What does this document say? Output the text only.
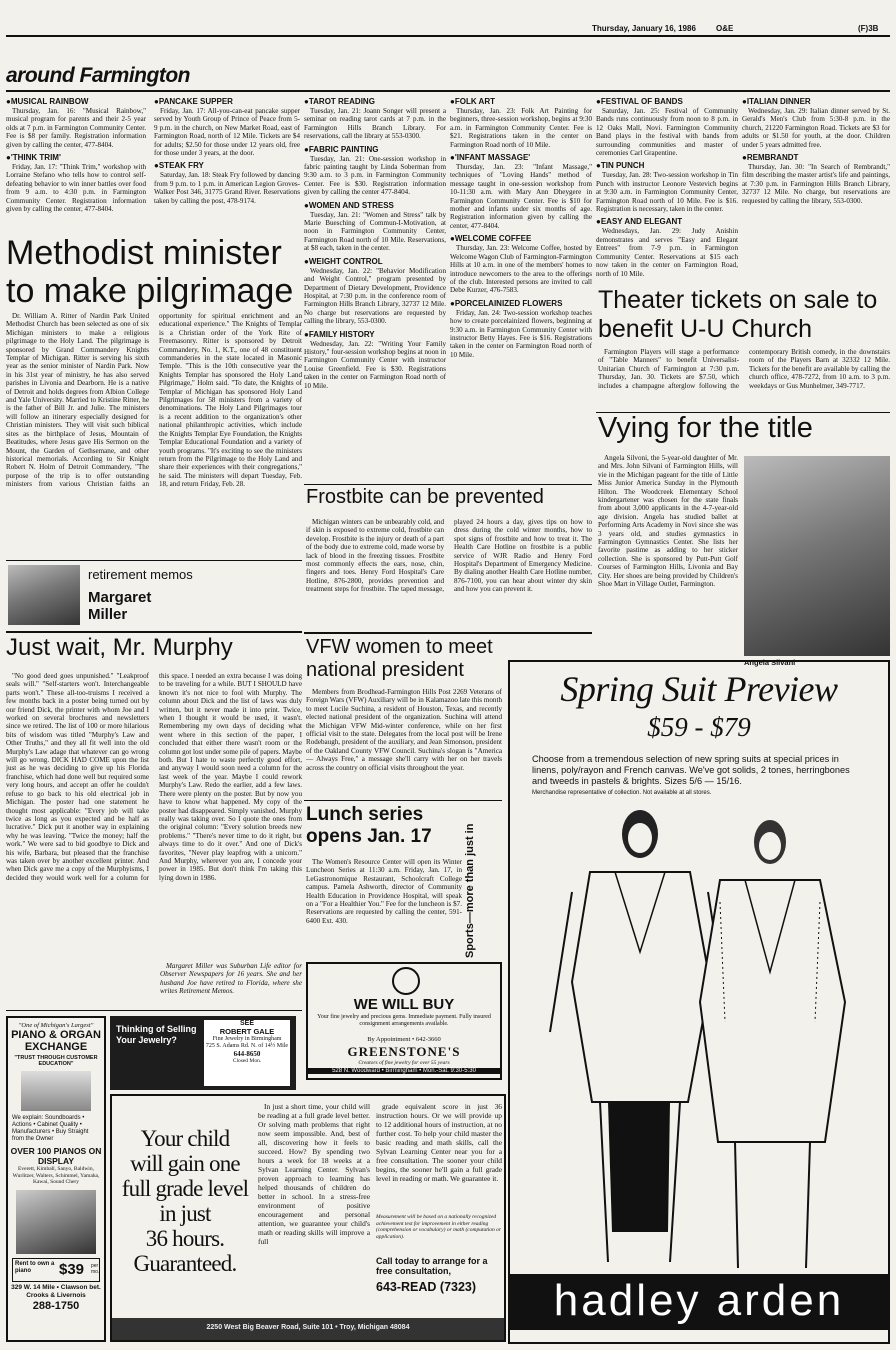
Thursday, January 16, 1986	O&E	(F)3B
around Farmington
● MUSICAL RAINBOW

Thursday, Jan. 16: "Musical Rainbow," musical program for parents and their 2-5 year olds at 7 p.m. in Farmington Community Center. Fee is $8 per family. Registration information given by calling the center, 477-8404.

● 'THINK TRIM'

Friday, Jan. 17: "Think Trim," workshop with Lorraine Stefano who tells how to control self-defeating behavior to win inner battles over food from 9 a.m. to 4:30 p.m. in Farmington Community Center. Registration information given by calling the center, 477-8404.

● PANCAKE SUPPER

Friday, Jan. 17: All-you-can-eat pancake supper served by Youth Group of Prince of Peace from 5-9 p.m. in the church, on New Market Road, east of Farmington Road, north of 12 Mile. Tickets are $4 for adults; $2.50 for those under 12 years old, free for those under 3 years, at the door.

● STEAK FRY

Saturday, Jan. 18: Steak Fry followed by dancing from 9 p.m. to 1 p.m. in American Legion Groves-Walker Post 346, 31775 Grand River. Reservations taken by calling the post, 478-9174.

● TAROT READING

Tuesday, Jan. 21: Joann Songer will present a seminar on reading tarot cards at 7 p.m. in the Farmington Hills Branch Library. For reservations, call the library at 553-0300.

● FABRIC PAINTING

Tuesday, Jan. 21: One-session workshop in fabric painting taught by Linda Soberman from 9:30 a.m. to 3 p.m. in Farmington Community Center. Fee is $30. Registration information given by calling the center 477-8404.

● WOMEN AND STRESS

Tuesday, Jan. 21: "Women and Stress" talk by Marie Buesching of Commun-I-Motivation, at noon in Farmington Community Center, Farmington Road north of 10 Mile. Reservations, at $8 each, taken in the center.

● WEIGHT CONTROL

Wednesday, Jan. 22: "Behavior Modification and Weight Control," program presented by Department of Dietary Development, Providence Hospital, at 7:30 p.m. in the conference room of Farmington Hills Branch Library, 32737 12 Mile. No charge but reservations are requested by calling the library, 553-0300.

● FAMILY HISTORY

Wednesday, Jan. 22: "Writing Your Family History," four-session workshop begins at noon in Farmington Community Center with instructor Louise Greenfield. Fee is $30. Registrations taken in the center on Farmington Road north of 10 Mile.

● FOLK ART

Thursday, Jan. 23: Folk Art Painting for beginners, three-session workshop, begins at 9:30 a.m. in Farmington Community Center. Fee is $21. Registrations taken in the center on Farmington Road north of 10 Mile.

● 'INFANT MASSAGE'

Thursday, Jan. 23: "Infant Massage," techniques of "Loving Hands" method of message taught in one-session workshop from 10-11:30 a.m. with Mary Ann Dheygere in Farmington Community Center. Fee is $10 for mother and infants under six months of age. Registration information given by calling the center, 477-8404.

● WELCOME COFFEE

Thursday, Jan. 23: Welcome Coffee, hosted by Welcome Wagon Club of Farmington-Farmington Hills at 10 a.m. in one of the members' homes to introduce newcomers to the area to the offerings of the club. Interested persons are invited to call Debe Kurzer, 476-7583.

● PORCELAINIZED FLOWERS

Friday, Jan. 24: Two-session workshop teaches how to create porcelainized flowers, beginning at 9:30 a.m. in Farmington Community Center with instructor Betty Hayes. Fee is $16. Registrations taken in the center on Farmington Road north of 10 Mile.

● FESTIVAL OF BANDS

Saturday, Jan. 25: Festival of Community Bands runs continuously from noon to 8 p.m. in 12 Oaks Mall, Novi. Farmington Community Band plays in the festival with bands from surrounding communities and master of ceremonies Carl Grapentine.

● TIN PUNCH

Tuesday, Jan. 28: Two-session workshop in Tin Punch with instructor Leonore Vestevich begins at 9:30 a.m. in Farmington Community Center, Farmington Road north of 10 Mile. Fee is $16. Registration is necessary, taken in the center.

● EASY AND ELEGANT

Wednesdays, Jan. 29: Judy Anishin demonstrates and serves "Easy and Elegant Entrees" from 7-9 p.m. in Farmington Community Center. Reservations at $15 each now taken in the center on Farmington Road, north of 10 Mile.

● ITALIAN DINNER

Wednesday, Jan. 29: Italian dinner served by St. Gerald's Men's Club from 5:30-8 p.m. in the church, 21220 Farmington Road. Tickets are $3 for adults or $1.50 for youth, at the door. Children under 5 years admitted free.

● REMBRANDT

Thursday, Jan. 30: "In Search of Rembrandt," film describing the master artist's life and paintings, at 7:30 p.m. in Farmington Hills Branch Library, 32737 12 Mile. No charge, but reservations are requested by calling the library, 553-0300.

Methodist minister to make pilgrimage
Dr. William A. Ritter of Nardin Park United Methodist Church has been selected as one of six Michigan ministers to make a religious pilgrimage to the Holy Land. The pilgrimage is sponsored by Grand Commandery Knights Templar of Michigan. Ritter is serving his sixth year as the senior minister of Nardin Park. Now in his 31st year of ministry, he has also served parishes in Livonia and Dearborn. He is a native of Detroit and holds degrees from Albion College and Yale University. Married to Kristine Ritter, he is the father of Bill Jr. and Julie. The ministers will follow an itinerary especially designed for Christian ministers. They will visit such biblical sites as the birthplace of Jesus, Mountain of Beatitudes, where Jesus gave His Sermon on the Mount, the Garden of Gethsemane, and other historical memorials. According to Sir Knight Robert N. Holm of Detroit Commandery, "The purpose of the trip is to offer outstanding ministers from various Christian faiths an opportunity for spiritual enrichment and an educational experience." The Knights of Templar is a Christian order of the York Rite of Freemasonry. Ritter is sponsored by Detroit Commandery, No. 1, K.T., one of 48 constituent commanderies in the state located in Masonic Temple. "This is the 10th consecutive year the Knights Templar has sponsored the Holy Land Pilgrimage," Holm said. "To date, the Knights of Templar of Michigan has sponsored Holy Land Pilgrimages for 58 ministers from a variety of denominations. The Holy Land Pilgrimages tour is a recent addition to the organization's other national philanthropic activities, which include the Knights Templar Eye Foundation, the Knights Templar Educational Foundation and a variety of youth programs. "It's exciting to see the ministers return from the Pilgrimage to the Holy Land and share their experiences with their congregations," he said. The ministers will depart Tuesday, Feb. 18, and return Friday, Feb. 28.
retirement memos
Margaret
Miller
Just wait, Mr. Murphy
"No good deed goes unpunished." "Leakproof seals will." "Self-starters won't. Interchangeable parts won't." These all-too-truisms I received a few months back in a poster being turned out by our friend Dick, the printer with whom Joe and I worked on several brochures and newsletters since we retired. The list of 100 or more hilarious bits of wisdom was titled "Murphy's Law and Other Truths," and they all fit well into the old Murphy's Law adage that whatever can go wrong will go wrong. DICK HAD COME upon the list just as he was deciding to give up his Florida franchise, which had done well but required some very long hours, and accept an offer he couldn't refuse to go back to his old electrical job in Michigan. The poster had one statement he thought most applicable: "Every job will take twice as long as you expected and be half as lucrative." Dick put it another way in explaining why he was leaving. "Twice the money; half the work." We were sad to bid goodbye to Dick and his wife, Barbara, but pleased that the franchise was taken over by another excellent printer. And when Dick gave me a copy of the Murphyisms, I decided they would work well for a column for this space. I needed an extra because I was doing to be traveling for a while. BUT I SHOULD have known it's not nice to fool with Murphy. The column about Dick and the list of laws was duly written, but it never made it into print. Twice, when I thought it would be used, it wasn't. Remembering my own days of deciding what went where in this section of the paper, I concluded that either there wasn't room or the column got lost under some pile of papers. Maybe both. But I hate to waste perfectly good effort, and anyway I would soon need a column for the last week of the year. Maybe I could rework Murphy's Law. Redo the earlier, add a few laws. There were plenty on the poster. But by now you have to know what happened. My copy of the poster had disappeared. Simply vanished. Murphy really was taking over. So I quote the ones from the original column: "Every solution breeds new problems." "There's never time to do it right, but always time to do it over." And one of Dick's favorites, "Never play leapfrog with a unicorn." And Murphy, wherever you are, I concede your power in 1985. But don't think I'm taking this lying down in 1986.
Margaret Miller was Suburban Life editor for Observer Newspapers for 16 years. She and her husband Joe have retired to Florida, where she writes Retirement Memos.
Frostbite can be prevented
Michigan winters can be unbearably cold, and if skin is exposed to extreme cold, frostbite can develop. Frostbite is the injury or death of a part of the body due to extreme cold, made worse by lack of blood in the freezing tissues. Frostbite most commonly effects the ears, nose, chin, fingers and toes. Henry Ford Hospital's Care Hotline, 876-2800, provides prevention and treatment steps for frostbite. The taped message, played 24 hours a day, gives tips on how to dress during the cold winter months, how to spot signs of frostbite and how to treat it. The Health Care Hotline on frostbite is a public service of WJR Radio and Henry Ford Hospital's Department of Emergency Medicine. By dialing another Health Care Hotline number, 876-7100, you can hear about winter dry skin and how you can prevent it.
Theater tickets on sale to benefit U-U Church
Farmington Players will stage a performance of "Table Manners" to benefit Universalist-Unitarian Church of Farmington at 7:30 p.m. Thursday, Jan. 30. Tickets are $7.50, which includes a champagne afterglow following the contemporary British comedy, in the downstairs room of the Players Barn at 32332 12 Mile. Tickets for the benefit are available by calling the church office, 478-7272, from 10 a.m. to 3 p.m. weekdays or Gus Munhelmer, 349-7717.
Vying for the title
Angela Silvoni, the 5-year-old daughter of Mr. and Mrs. John Silvani of Farmington Hills, will vie in the Michigan pageant for the title of Little Miss Junior America Sunday in the Plymouth Hilton. The Woodcreek Elementary School kindergartener was chosen for the state finals from about 3,000 applicants in the 4-7-year-old age division. Angela has studied ballet at Performing Arts Academy in Novi since she was 3 years old, and studies gymnastics in Farmington Gymnastics Center. She lists her favorite pastime as adding to her sticker collection. She is sponsored by Putt-Putt Golf Courses of Farmington Hills, Livonia and Bay City. Her shoes are being provided by Children's Shoe Mart in Village Outlet, Farmington.
Angela Silvani
VFW women to meet national president
Members from Brodhead-Farmington Hills Post 2269 Veterans of Foreign Wars (VFW) Auxiliary will be in Kalamazoo late this month to meet Lucile Suchina, a resident of Houston, Texas, and recently elected national president of the organization. Suchina will attend the Michigan VFW Mid-winter conference, while on her first official visit to the state. Delegates from the local post will be Irene Rodebaugh, president of the auxiliary, and Jean Simonson, president of the Oakland County VFW Council. Suchina's slogan is "America — Always Free," a message she'll carry with her on her travels across the country on official visits throughout the year.
Lunch series opens Jan. 17
The Women's Resource Center will open its Winter Luncheon Series at 11:30 a.m. Friday, Jan. 17, in LeGastronomique Restaurant, Schoolcraft College campus. Pamela Ashworth, director of Community Health Education in Providence Hospital, will speak on a "For a Healthier You." Fee for the luncheon is $7. Reservations are requested by calling the center, 591-6400 Ext. 430.	Sports—more than just in
WE WILL BUY
Your fine jewelry and precious gems. Immediate payment. Fully insured consignment arrangements available.
By Appointment • 642-3660
GREENSTONE'S
Creators of fine jewelry for over 55 years
528 N. Woodward • Birmingham • Mon.-Sat. 9:30-5:30
Thinking of Selling Your Jewelry?
SEE
ROBERT GALE
Fine Jewelry in Birmingham
725 S. Adams Rd. N. of 14½ Mile
644-8650
Closed Mon.
"One of Michigan's Largest"
PIANO & ORGAN EXCHANGE
"TRUST THROUGH CUSTOMER EDUCATION"
We explain: Soundboards • Actions • Cabinet Quality • Manufacturers • Buy Straight from the Owner
OVER 100 PIANOS ON DISPLAY
Everett, Kimball, Sanyo, Baldwin, Wurlitzer, Walters, Schimmel, Yamaha, Kawai, Sound Chery
Rent to own a piano	$39 per mo.
329 W. 14 Mile • Clawson bet. Crooks & Livernois
288-1750
Your child
will gain one
full grade level
in just
36 hours.
Guaranteed.
In just a short time, your child will be reading at a full grade level better. Or solving math problems that right now seem impossible. And, best of all, discovering how it feels to succeed. How? By spending two hours a week for 18 weeks at a Sylvan Learning Center. Sylvan's proven approach to learning has helped thousands of children do better in school. In a stress-free environment of positive encouragement and personal attention, we guarantee your child's math or reading skills will improve a full
grade equivalent score in just 36 instruction hours. Or we will provide up to 12 additional hours of instruction, at no further cost. To help your child master the basic reading and math skills, call the Sylvan Learning Center near you for a free consultation. The sooner your child begins, the sooner he'll gain a full grade level in reading or math. We guarantee it.
Measurement will be based on a nationally recognized achievement test for improvement in either reading (comprehension or vocabulary) or math (computation or application).
Call today to arrange for a free consultation,
643-READ (7323)
2250 West Big Beaver Road, Suite 101 • Troy, Michigan 48084
Spring Suit Preview
$59 - $79
Choose from a tremendous selection of new spring suits at special prices in linens, poly/rayon and French canvas. We've got solids, 2 tones, herringbones and tweeds in pastels & brights. Sizes 5/6 — 15/16.
Merchandise representative of collection. Not available at all stores.
hadley arden
